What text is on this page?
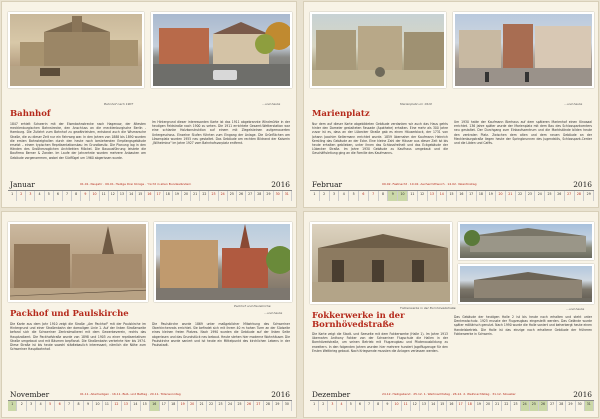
Bahnhof nach 1907	...und heute
Bahnhof
1847 erhielt Schwerin mit der Eisenbahnstrecke nach Hagenow, der ältesten mecklenburgischen Bahnstrecke, den Anschluss an die mecklenburgische Berlin - Hamburg. Die Zufahrt zum Bahnhof zu gewährleisten, entstand auch die Wismarsche Straße, die zu dieser Zeit nur ein Fahrweg war. In den Jahren von 1888 bis 1890 wurden die ersten Bahnsteighallen durch den heute noch bestehenden Empfangsgebäude ersetzt – einem typischen Repräsentationsbau im Grundbesitz. Die Planung lag in den Händen des Großherzoglichen Architekten Möckel. Die Bauausführung leistete die Baufirma Berner & Zander. Im Laufe der Jahrzehnte wurden mehrere Anbauten am Gebäude vorgenommen, wobei der Südflügel um 1960 abgerissen wurde.
Im Hintergrund dieser interessanten Karte ist das 1911 abgebrannte Windmühle in der heutigen Feldstraße nach 1900 zu sehen. Die 1911 errichtete Gesamt-Wetterstation war eine schlanke Holzkonstruktion auf einem mit Ziegelsteinen aufgemauerten Untergeschoss. Einzelne Stufen führten zum Eingang der Anlage. Die Grünflächen am Löwenplatz wurden 1955 neu gestaltet. Das Gebäude am rechten Bildrand der Kaiserin „Wilhelmina" im Jahre 1927 vom Bahnhofsvorplatz entfernt.
Januar	01.01. Neujahr · 06.01. Heilige Drei Könige · "nicht in allen Bundesländern	2016
1	2	3	4	5	6	7	8	9	10	11	12	13	14	15	16	17	18	19	20	21	22	23	24	25	26	27	28	29	30	31
Marienplatz um 1910	...und heute
Marienplatz
Nur dem auf dieser Karte abgebildeten Gebäude verdanken wir auch das Haus gehts hinter den Domeier gestalteten Fassade (Apotheke) erhalten. Eine mehr als 300 Jahre zuvor ist es, dass an der Lübecker Straße gab es einen Häuserblock, der 1731 von Johann Joachim Kellermann errichtet wurde. 1859 übernahm der Kaufmann Heinrich Kerstling das Gebäude an der Ecke. Eine kleine Zahl der Häuser aus dieser Zeit ist bis heute erhalten geblieben, unter ihnen das Schlossfreiheit und das Eckgebäude der Lübecker Straße. Im Jahre 1930 Gebäude zu Kaufhaus umgebaut und die Geschäftsleitung ging an die Familie des Kaufmanns.
Um 1930 hatte der Kaufmann Bierhaus auf dem späteren Marienhof einen Kinosaal errichtet. 136 Jahre später wurde der Marienplatz mit dem Bau des Schlossparkcenters neu gestaltet. Der Durchgang zum Einkaufszentrum und die Marktstände bilden heute den zentralen Platz. Zwischen dem alten und dem neuen Gebäude an der Mecklenburgstraße liegen heute der Springbrunnen des Jugendstils, Schlosspark-Center und die Läden und Cafés.
Februar	09.02. Fastnacht · 10.02. Aschermittwoch · 14.02. Valentinstag	2016
1	2	3	4	5	6	7	8	9	10	11	12	13	14	15	16	17	18	19	20	21	22	23	24	25	26	27	28	29
Packhof und Paulskirche
...und heute
Packhof und Paulskirche
Die Karte aus dem Jahr 1910 zeigt die Straße „Am Packhof" mit der Paulskirche im Hintergrund und einer Straßenbahn der damaligen Linie 1. Auf der linken Straßenseite befand sich die Schweriner Zentralmolkerei mit dem Gewerbeverein, rechts das Hauptzollamt. Die Packhofstraße wurde von 1898 und 1905 zu einer repräsentativen Straße umgebaut und mit Bäumen bepflanzt. Die Straßenbahn verkehrte hier bis 1974. Diese Straße ist bis heute sowohl städtebaulich interessant, nämlich die Nähe zum Schweriner Hauptbahnhof.
Die Paulskirche wurde 1869 unter maßgeblicher Mitwirkung des Schweriner Oberkirchenrats errichtet. Sie befindet sich mit ihrem 40 m hohen Turm an der Südseite eines kleinen freien Platzes. Nach 1990 wurden die Gebäude auf der linken Seite abgerissen und das Grundstück neu bebaut. Heute stehen hier moderne Wohnhäuser. Die Paulskirche wurde saniert und ist heute ein Mittelpunkt des kirchlichen Lebens in der Paulsstadt.
November	01.11. Allerheiligen · 16.11. Buß- und Bettag · 20.11. Totensonntag	2016
1	2	3	4	5	6	7	8	9	10	11	12	13	14	15	16	17	18	19	20	21	22	23	24	25	26	27	28	29	30
Fokkerwerke in der Bornhövedstraße	...und heute
Fokkerwerke in der Bornhövedstraße
Die Karte zeigt die Stadt- und Seeseite mit dem Fokkerwerke (Halle 1). Im Jahre 1913 übernahm Anthony Fokker von der Schweriner Flugschule die Hallen in der Bornhövedstraße, um seinen Betrieb mit Flugzeugbau und Pilotenausbildung zu erweitern. In den folgenden Jahren wurden hier mehrere hundert Jagdflugzeuge für den Ersten Weltkrieg gebaut. Nach Kriegsende mussten die Anlagen verlassen werden.
Das Gebäude der heutigen Halle 2 ist bis heute noch erhalten und steht unter Denkmalschutz. 1925 musste der Flugzeugbau eingestellt werden. Das Gelände wurde später militärisch genutzt. Nach 1990 wurde die Halle saniert und beherbergt heute einen Handelsbetrieb. Die Halle ist das einzige noch erhaltene Gebäude der früheren Fokkerwerke in Schwerin.
Dezember	24.12. Heiligabend · 25.12. 1. Weihnachtstag · 26.12. 2. Weihnachtstag · 31.12. Silvester	2016
1	2	3	4	5	6	7	8	9	10	11	12	13	14	15	16	17	18	19	20	21	22	23	24	25	26	27	28	29	30	31
